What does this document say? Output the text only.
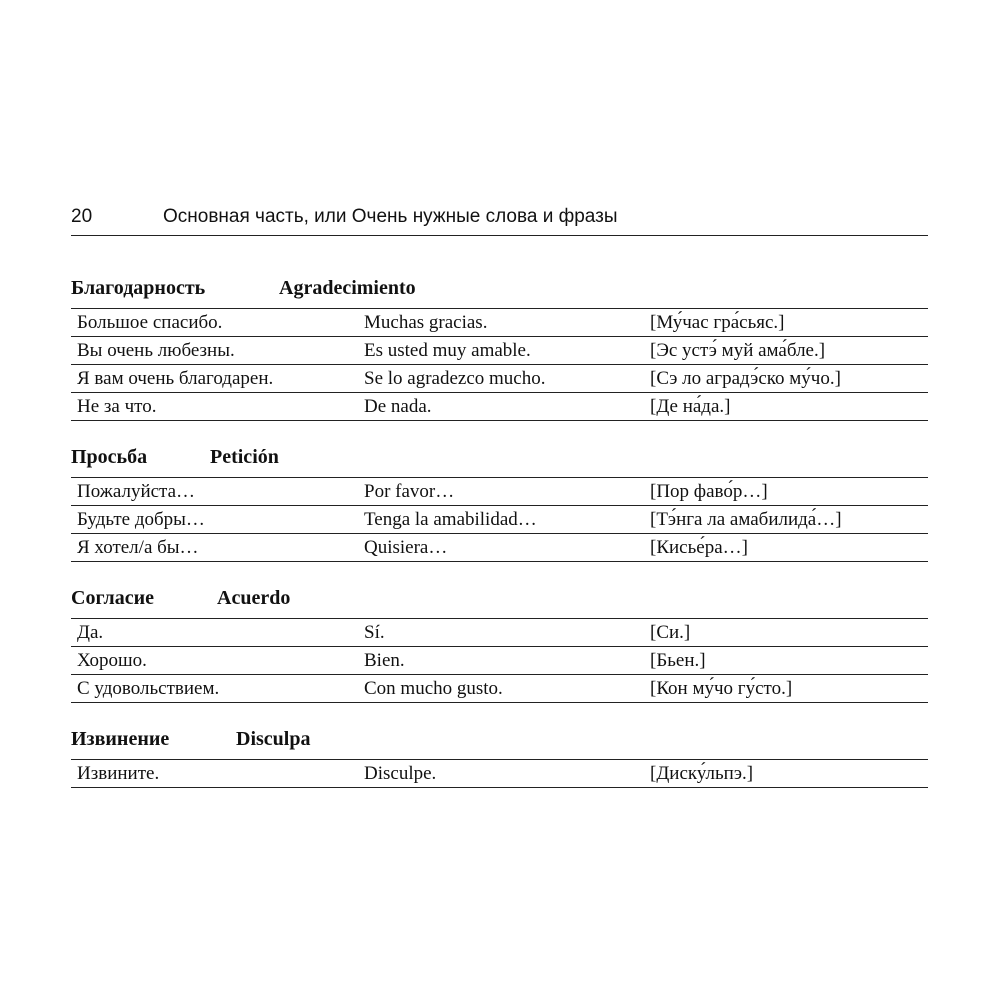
20	Основная часть, или Очень нужные слова и фразы
Благодарность	Agradecimiento
Большое спасибо.	Muchas gracias.	[Му́час гра́сьяс.]
Вы очень любезны.	Es usted muy amable.	[Эс устэ́ муй ама́бле.]
Я вам очень благодарен.	Se lo agradezco mucho.	[Сэ ло аградэ́ско му́чо.]
Не за что.	De nada.	[Де на́да.]
Просьба	Petición
Пожалуйста…	Por favor…	[Пор фаво́р…]
Будьте добры…	Tenga la amabilidad…	[Тэ́нга ла амабилида́…]
Я хотел/а бы…	Quisiera…	[Кисье́ра…]
Согласие	Acuerdo
Да.	Sí.	[Си.]
Хорошо.	Bien.	[Бьен.]
С удовольствием.	Con mucho gusto.	[Кон му́чо гу́сто.]
Извинение	Disculpa
Извините.	Disculpe.	[Диску́льпэ.]
